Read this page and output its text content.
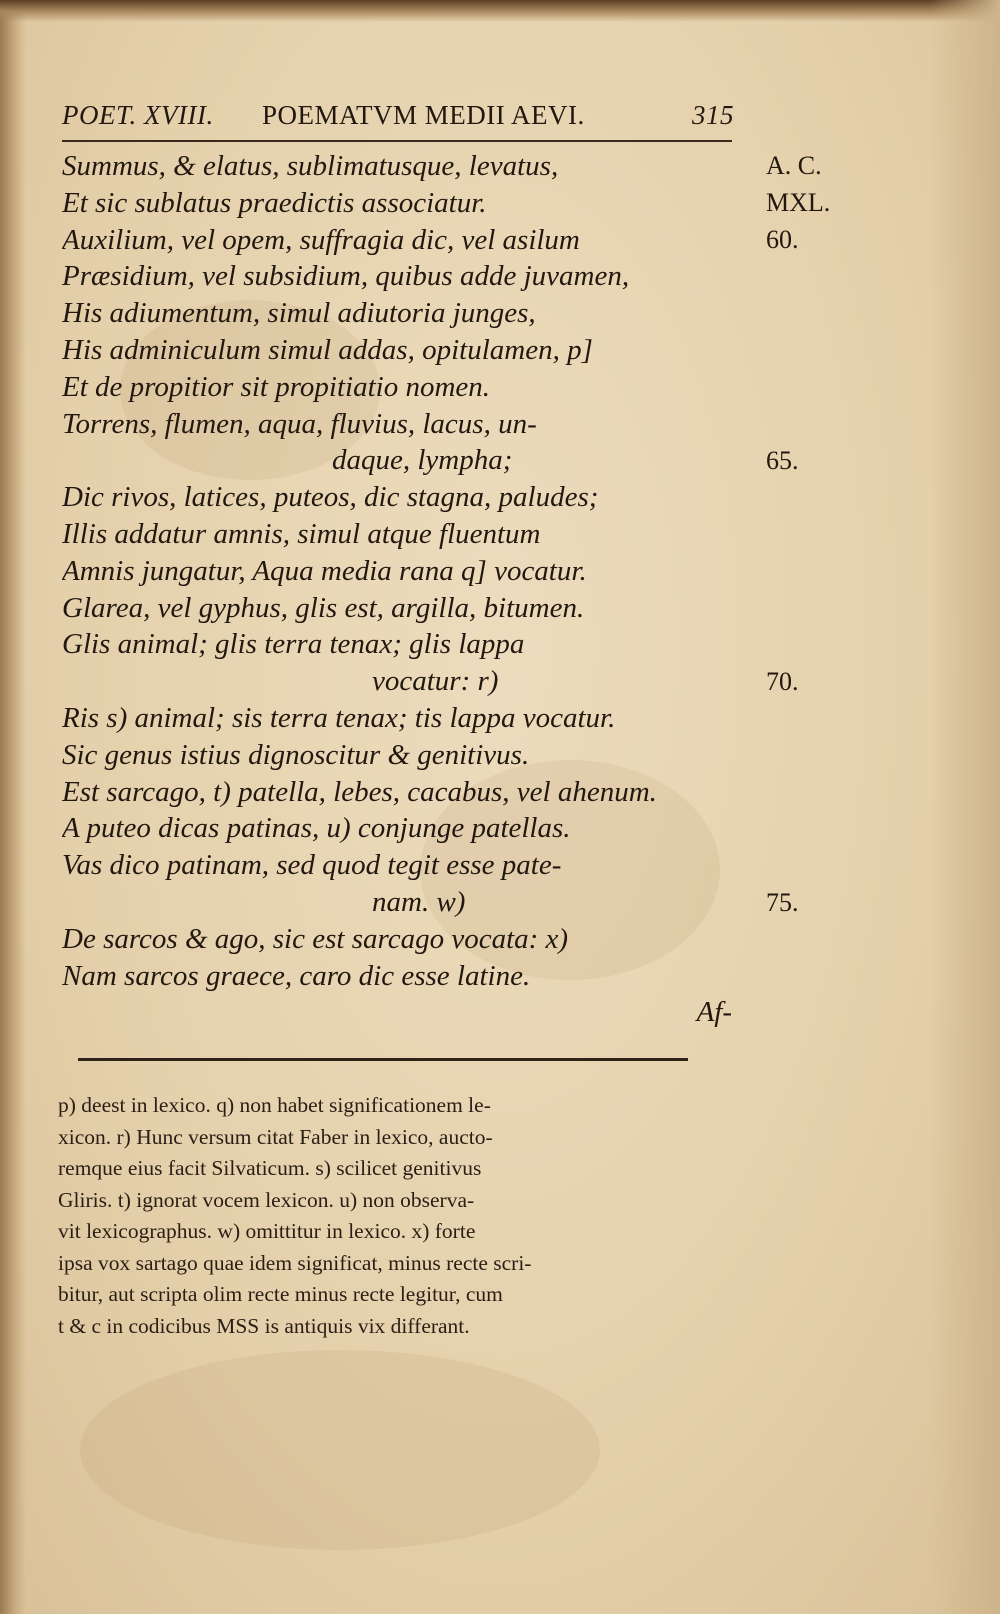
POET. XVIII. POEMATVM MEDII AEVI.	315
Summus, & elatus, sublimatusque, levatus,
Et sic sublatus praedictis associatur.
Auxilium, vel opem, suffragia dic, vel asilum
Præsidium, vel subsidium, quibus adde juvamen,
His adiumentum, simul adiutoria junges,
His adminiculum simul addas, opitulamen, p]
Et de propitior sit propitiatio nomen.
Torrens, flumen, aqua, fluvius, lacus, un-
daque, lympha;
Dic rivos, latices, puteos, dic stagna, paludes;
Illis addatur amnis, simul atque fluentum
Amnis jungatur, Aqua media rana q] vocatur.
Glarea, vel gyphus, glis est, argilla, bitumen.
Glis animal; glis terra tenax; glis lappa
vocatur: r)
Ris s) animal; sis terra tenax; tis lappa vocatur.
Sic genus istius dignoscitur & genitivus.
Est sarcago, t) patella, lebes, cacabus, vel ahenum.
A puteo dicas patinas, u) conjunge patellas.
Vas dico patinam, sed quod tegit esse pate-
nam. w)
De sarcos & ago, sic est sarcago vocata: x)
Nam sarcos graece, caro dic esse latine.
Af-
A. C.
MXL.
60.
65.
70.
75.
p) deest in lexico. q) non habet significationem le-
xicon. r) Hunc versum citat Faber in lexico, aucto-
remque eius facit Silvaticum. s) scilicet genitivus
Gliris. t) ignorat vocem lexicon. u) non observa-
vit lexicographus. w) omittitur in lexico. x) forte
ipsa vox sartago quae idem significat, minus recte scri-
bitur, aut scripta olim recte minus recte legitur, cum
t & c in codicibus MSS is antiquis vix differant.
